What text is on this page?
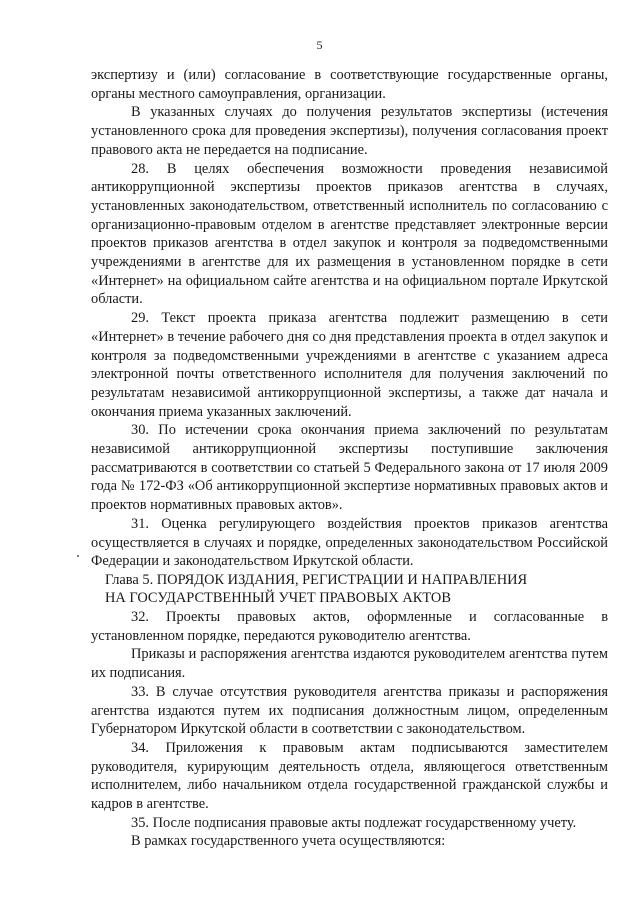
5

экспертизу и (или) согласование в соответствующие государственные органы, органы местного самоуправления, организации.

В указанных случаях до получения результатов экспертизы (истечения установленного срока для проведения экспертизы), получения согласования проект правового акта не передается на подписание.

28. В целях обеспечения возможности проведения независимой антикоррупционной экспертизы проектов приказов агентства в случаях, установленных законодательством, ответственный исполнитель по согласованию с организационно-правовым отделом в агентстве представляет электронные версии проектов приказов агентства в отдел закупок и контроля за подведомственными учреждениями в агентстве для их размещения в установленном порядке в сети «Интернет» на официальном сайте агентства и на официальном портале Иркутской области.

29. Текст проекта приказа агентства подлежит размещению в сети «Интернет» в течение рабочего дня со дня представления проекта в отдел закупок и контроля за подведомственными учреждениями в агентстве с указанием адреса электронной почты ответственного исполнителя для получения заключений по результатам независимой антикоррупционной экспертизы, а также дат начала и окончания приема указанных заключений.

30. По истечении срока окончания приема заключений по результатам независимой антикоррупционной экспертизы поступившие заключения рассматриваются в соответствии со статьей 5 Федерального закона от 17 июля 2009 года № 172-ФЗ «Об антикоррупционной экспертизе нормативных правовых актов и проектов нормативных правовых актов».

31. Оценка регулирующего воздействия проектов приказов агентства осуществляется в случаях и порядке, определенных законодательством Российской Федерации и законодательством Иркутской области.

Глава 5. ПОРЯДОК ИЗДАНИЯ, РЕГИСТРАЦИИ И НАПРАВЛЕНИЯ
НА ГОСУДАРСТВЕННЫЙ УЧЕТ ПРАВОВЫХ АКТОВ

32. Проекты правовых актов, оформленные и согласованные в установленном порядке, передаются руководителю агентства.

Приказы и распоряжения агентства издаются руководителем агентства путем их подписания.

33. В случае отсутствия руководителя агентства приказы и распоряжения агентства издаются путем их подписания должностным лицом, определенным Губернатором Иркутской области в соответствии с законодательством.

34. Приложения к правовым актам подписываются заместителем руководителя, курирующим деятельность отдела, являющегося ответственным исполнителем, либо начальником отдела государственной гражданской службы и кадров в агентстве.

35. После подписания правовые акты подлежат государственному учету.

В рамках государственного учета осуществляются:
